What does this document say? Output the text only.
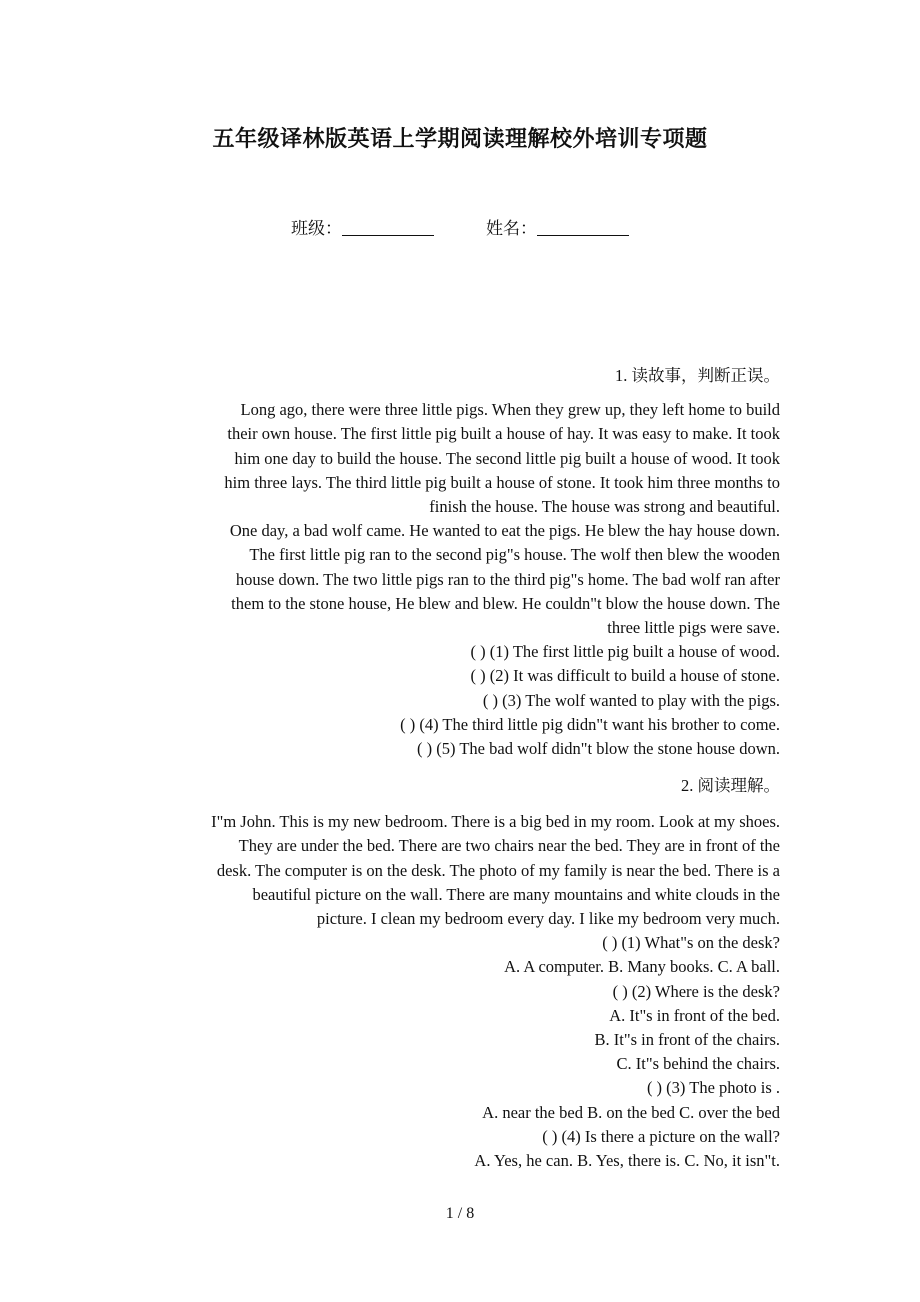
五年级译林版英语上学期阅读理解校外培训专项题
班级：	姓名：

1. 读故事，判断正误。

Long ago, there were three little pigs. When they grew up, they left home to build

their own house. The first little pig built a house of hay. It was easy to make. It took

him one day to build the house. The second little pig built a house of wood. It took

him three lays. The third little pig built a house of stone. It took him three months to

finish the house. The house was strong and beautiful.

One day, a bad wolf came. He wanted to eat the pigs. He blew the hay house down.

The first little pig ran to the second pig"s house. The wolf then blew the wooden

house down. The two little pigs ran to the third pig"s home. The bad wolf ran after

them to the stone house, He blew and blew. He couldn"t blow the house down. The

three little pigs were save.

( ) (1) The first little pig built a house of wood.

( ) (2) It was difficult to build a house of stone.

( ) (3) The wolf wanted to play with the pigs.

( ) (4) The third little pig didn"t want his brother to come.

( ) (5) The bad wolf didn"t blow the stone house down.

2. 阅读理解。

I"m John. This is my new bedroom. There is a big bed in my room. Look at my shoes.

They are under the bed. There are two chairs near the bed. They are in front of the

desk. The computer is on the desk. The photo of my family is near the bed. There is a

beautiful picture on the wall. There are many mountains and white clouds in the

picture. I clean my bedroom every day. I like my bedroom very much.

( ) (1) What"s on the desk?

A. A computer. B. Many books. C. A ball.

( ) (2) Where is the desk?

A. It"s in front of the bed.

B. It"s in front of the chairs.

C. It"s behind the chairs.

( ) (3) The photo is .

A. near the bed B. on the bed C. over the bed

( ) (4) Is there a picture on the wall?

A. Yes, he can. B. Yes, there is. C. No, it isn"t.

1 / 8
